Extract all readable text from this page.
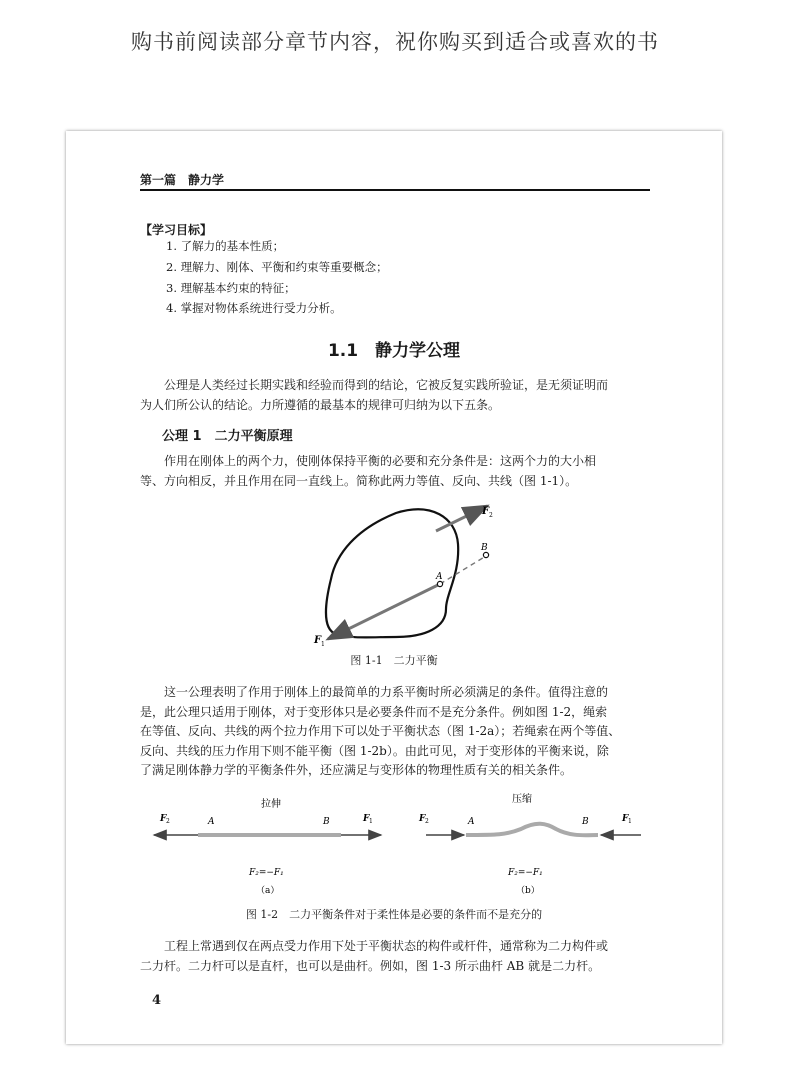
购书前阅读部分章节内容，祝你购买到适合或喜欢的书
第一篇　静力学
【学习目标】
1. 了解力的基本性质；
2. 理解力、刚体、平衡和约束等重要概念；
3. 理解基本约束的特征；
4. 掌握对物体系统进行受力分析。
1.1　静力学公理
公理是人类经过长期实践和经验而得到的结论，它被反复实践所验证，是无须证明而
为人们所公认的结论。力所遵循的最基本的规律可归纳为以下五条。
公理 1　二力平衡原理
作用在刚体上的两个力，使刚体保持平衡的必要和充分条件是：这两个力的大小相
等、方向相反，并且作用在同一直线上。简称此两力等值、反向、共线（图 1-1）。
A
B
F 1
F 2
图 1-1　二力平衡
这一公理表明了作用于刚体上的最简单的力系平衡时所必须满足的条件。值得注意的
是，此公理只适用于刚体，对于变形体只是必要条件而不是充分条件。例如图 1-2，绳索
在等值、反向、共线的两个拉力作用下可以处于平衡状态（图 1-2a）；若绳索在两个等值、
反向、共线的压力作用下则不能平衡（图 1-2b）。由此可见，对于变形体的平衡来说，除
了满足刚体静力学的平衡条件外，还应满足与变形体的物理性质有关的相关条件。
拉伸
F 2	A	B	F 1
F₂=−F₁
（a）
压缩
F 2	A	B	F 1
F₂=−F₁
（b）
图 1-2　二力平衡条件对于柔性体是必要的条件而不是充分的
工程上常遇到仅在两点受力作用下处于平衡状态的构件或杆件，通常称为二力构件或
二力杆。二力杆可以是直杆，也可以是曲杆。例如，图 1-3 所示曲杆 AB 就是二力杆。
4
